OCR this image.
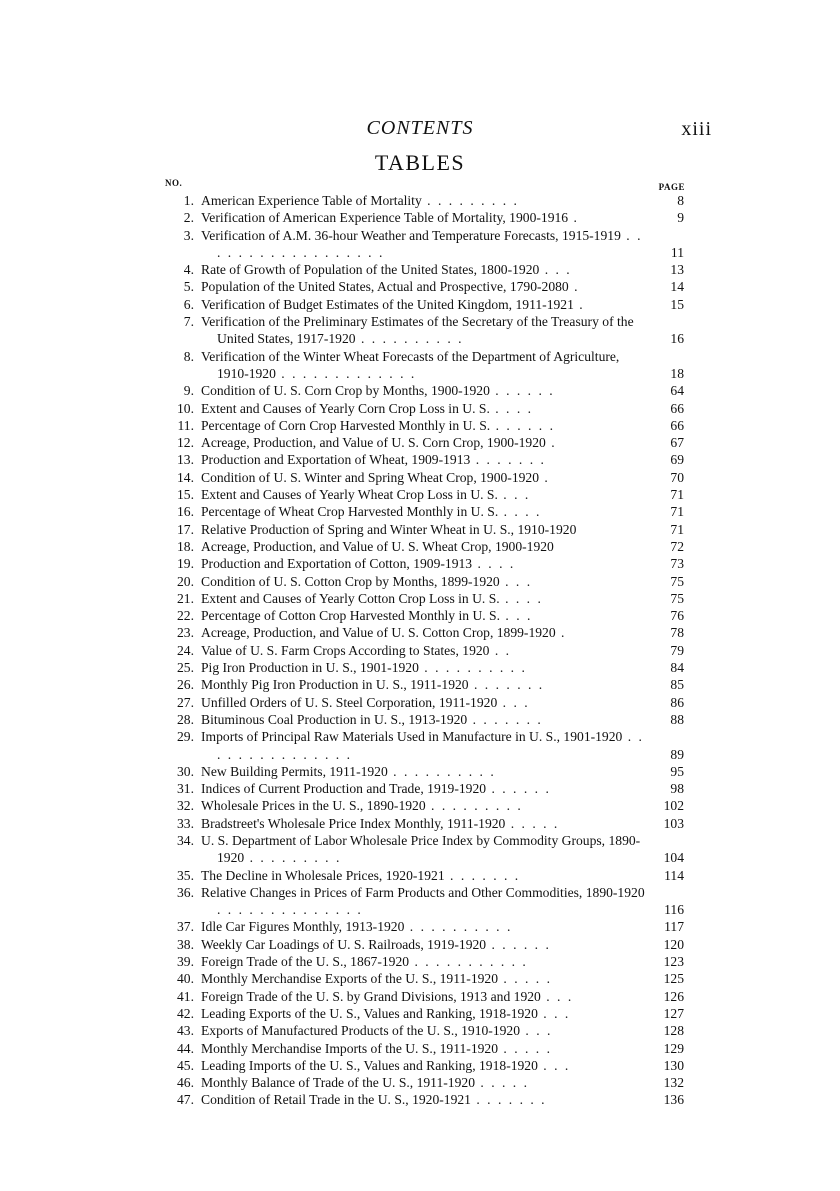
CONTENTS	xiii
TABLES
NO.	PAGE
1. American Experience Table of Mortality . . . . . . . . .	8
2. Verification of American Experience Table of Mortality, 1900-1916 .	9
3. Verification of A.M. 36-hour Weather and Temperature Forecasts, 1915-1919 . . . . . . . . . . . . . . . . . .	11
4. Rate of Growth of Population of the United States, 1800-1920 . . .	13
5. Population of the United States, Actual and Prospective, 1790-2080 .	14
6. Verification of Budget Estimates of the United Kingdom, 1911-1921 .	15
7. Verification of the Preliminary Estimates of the Secretary of the Treasury of the United States, 1917-1920 . . . . . . . . . .	16
8. Verification of the Winter Wheat Forecasts of the Department of Agriculture, 1910-1920 . . . . . . . . . . . . .	18
9. Condition of U. S. Corn Crop by Months, 1900-1920 . . . . . .	64
10. Extent and Causes of Yearly Corn Crop Loss in U. S. . . . .	66
11. Percentage of Corn Crop Harvested Monthly in U. S. . . . . . .	66
12. Acreage, Production, and Value of U. S. Corn Crop, 1900-1920 .	67
13. Production and Exportation of Wheat, 1909-1913 . . . . . . .	69
14. Condition of U. S. Winter and Spring Wheat Crop, 1900-1920 .	70
15. Extent and Causes of Yearly Wheat Crop Loss in U. S. . . .	71
16. Percentage of Wheat Crop Harvested Monthly in U. S. . . . .	71
17. Relative Production of Spring and Winter Wheat in U. S., 1910-1920	71
18. Acreage, Production, and Value of U. S. Wheat Crop, 1900-1920	72
19. Production and Exportation of Cotton, 1909-1913 . . . .	73
20. Condition of U. S. Cotton Crop by Months, 1899-1920 . . .	75
21. Extent and Causes of Yearly Cotton Crop Loss in U. S. . . . .	75
22. Percentage of Cotton Crop Harvested Monthly in U. S. . . .	76
23. Acreage, Production, and Value of U. S. Cotton Crop, 1899-1920 .	78
24. Value of U. S. Farm Crops According to States, 1920 . .	79
25. Pig Iron Production in U. S., 1901-1920 . . . . . . . . . .	84
26. Monthly Pig Iron Production in U. S., 1911-1920 . . . . . . .	85
27. Unfilled Orders of U. S. Steel Corporation, 1911-1920 . . .	86
28. Bituminous Coal Production in U. S., 1913-1920 . . . . . . .	88
29. Imports of Principal Raw Materials Used in Manufacture in U. S., 1901-1920 . . . . . . . . . . . . . . .	89
30. New Building Permits, 1911-1920 . . . . . . . . . .	95
31. Indices of Current Production and Trade, 1919-1920 . . . . . .	98
32. Wholesale Prices in the U. S., 1890-1920 . . . . . . . . .	102
33. Bradstreet's Wholesale Price Index Monthly, 1911-1920 . . . . .	103
34. U. S. Department of Labor Wholesale Price Index by Commodity Groups, 1890-1920 . . . . . . . . .	104
35. The Decline in Wholesale Prices, 1920-1921 . . . . . . .	114
36. Relative Changes in Prices of Farm Products and Other Commodities, 1890-1920 . . . . . . . . . . . . . .	116
37. Idle Car Figures Monthly, 1913-1920 . . . . . . . . . .	117
38. Weekly Car Loadings of U. S. Railroads, 1919-1920 . . . . . .	120
39. Foreign Trade of the U. S., 1867-1920 . . . . . . . . . . .	123
40. Monthly Merchandise Exports of the U. S., 1911-1920 . . . . .	125
41. Foreign Trade of the U. S. by Grand Divisions, 1913 and 1920 . . .	126
42. Leading Exports of the U. S., Values and Ranking, 1918-1920 . . .	127
43. Exports of Manufactured Products of the U. S., 1910-1920 . . .	128
44. Monthly Merchandise Imports of the U. S., 1911-1920 . . . . .	129
45. Leading Imports of the U. S., Values and Ranking, 1918-1920 . . .	130
46. Monthly Balance of Trade of the U. S., 1911-1920 . . . . .	132
47. Condition of Retail Trade in the U. S., 1920-1921 . . . . . . .	136
